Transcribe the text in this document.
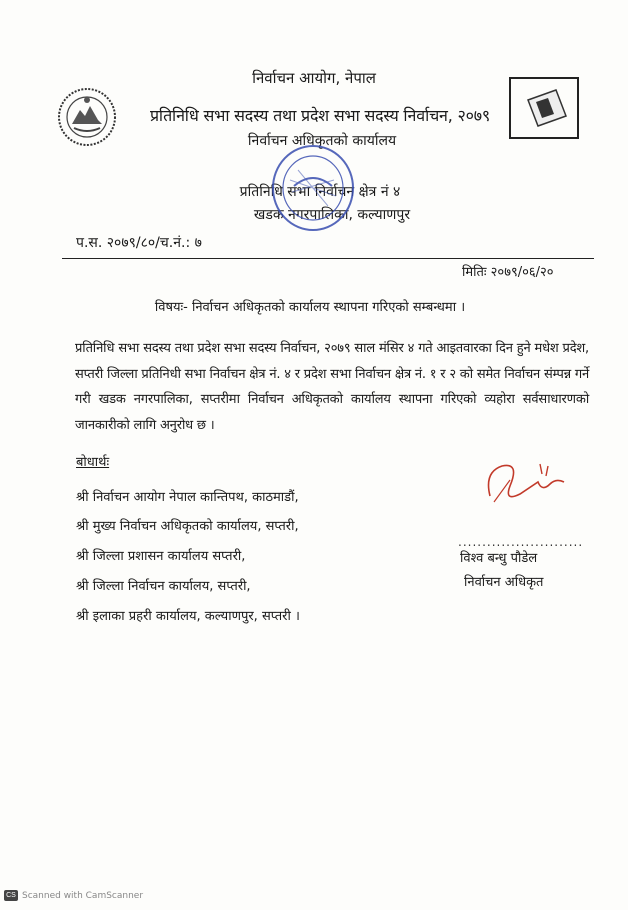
निर्वाचन आयोग, नेपाल
प्रतिनिधि सभा सदस्य तथा प्रदेश सभा सदस्य निर्वाचन, २०७९
निर्वाचन अधिकृतको कार्यालय
प्रतिनिधि सभा निर्वाचन क्षेत्र नं ४
खडक नगरपालिका, कल्याणपुर
प.स. २०७९/८०/च.नं.: ७
मितिः २०७९/०६/२०
विषयः- निर्वाचन अधिकृतको कार्यालय स्थापना गरिएको सम्बन्धमा ।
प्रतिनिधि सभा सदस्य तथा प्रदेश सभा सदस्य निर्वाचन, २०७९ साल मंसिर ४ गते आइतवारका दिन हुने मधेश प्रदेश, सप्तरी जिल्ला प्रतिनिधी सभा निर्वाचन क्षेत्र नं. ४ र प्रदेश सभा निर्वाचन क्षेत्र नं. १ र २ को समेत निर्वाचन संम्पन्न गर्ने गरी खडक नगरपालिका, सप्तरीमा निर्वाचन अधिकृतको कार्यालय स्थापना गरिएको व्यहोरा सर्वसाधारणको जानकारीको लागि अनुरोध छ ।
बोधार्थः
श्री निर्वाचन आयोग नेपाल कान्तिपथ, काठमाडौं,
श्री मुख्य निर्वाचन अधिकृतको कार्यालय, सप्तरी,
श्री जिल्ला प्रशासन कार्यालय सप्तरी,
श्री जिल्ला निर्वाचन कार्यालय, सप्तरी,
श्री इलाका प्रहरी कार्यालय, कल्याणपुर, सप्तरी ।
..........................
विश्व बन्धु पौडेल
निर्वाचन अधिकृत
CS Scanned with CamScanner
